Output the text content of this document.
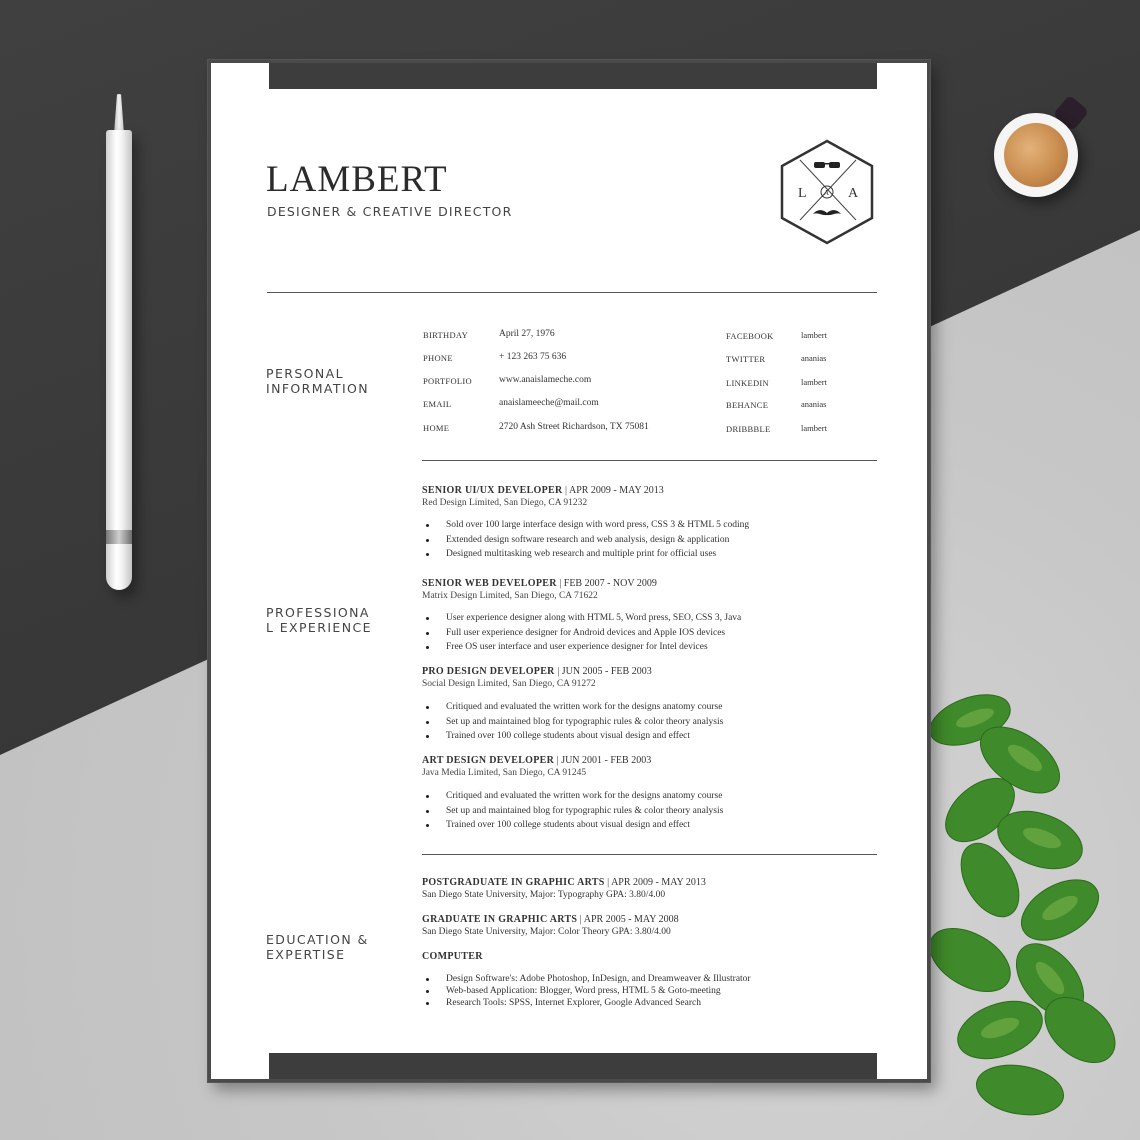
LAMBERT
DESIGNER & CREATIVE DIRECTOR
L A A
PERSONAL INFORMATION
BIRTHDAY	April 27, 1976
PHONE	+ 123 263 75 636
PORTFOLIO	www.anaislameche.com
EMAIL	anaislameeche@mail.com
HOME	2720 Ash Street Richardson, TX 75081
FACEBOOK	lambert
TWITTER	ananias
LINKEDIN	lambert
BEHANCE	ananias
DRIBBBLE	lambert
PROFESSIONA L EXPERIENCE
SENIOR UI/UX DEVELOPER | APR 2009 - MAY 2013
Red Design Limited, San Diego, CA 91232
Sold over 100 large interface design with word press, CSS 3 & HTML 5 coding
Extended design software research and web analysis, design & application
Designed multitasking web research and multiple print for official uses
SENIOR WEB DEVELOPER | FEB 2007 - NOV 2009
Matrix Design Limited, San Diego, CA 71622
User experience designer along with HTML 5, Word press, SEO, CSS 3, Java
Full user experience designer for Android devices and Apple IOS devices
Free OS user interface and user experience designer for Intel devices
PRO DESIGN DEVELOPER | JUN 2005 - FEB 2003
Social Design Limited, San Diego, CA 91272
Critiqued and evaluated the written work for the designs anatomy course
Set up and maintained blog for typographic rules & color theory analysis
Trained over 100 college students about visual design and effect
ART DESIGN DEVELOPER | JUN 2001 - FEB 2003
Java Media Limited, San Diego, CA 91245
Critiqued and evaluated the written work for the designs anatomy course
Set up and maintained blog for typographic rules & color theory analysis
Trained over 100 college students about visual design and effect
EDUCATION & EXPERTISE
POSTGRADUATE IN GRAPHIC ARTS | APR 2009 - MAY 2013
San Diego State University, Major: Typography GPA: 3.80/4.00
GRADUATE IN GRAPHIC ARTS | APR 2005 - MAY 2008
San Diego State University, Major: Color Theory GPA: 3.80/4.00
COMPUTER
Design Software's: Adobe Photoshop, InDesign, and Dreamweaver & Illustrator
Web-based Application: Blogger, Word press, HTML 5 & Goto-meeting
Research Tools: SPSS, Internet Explorer, Google Advanced Search
